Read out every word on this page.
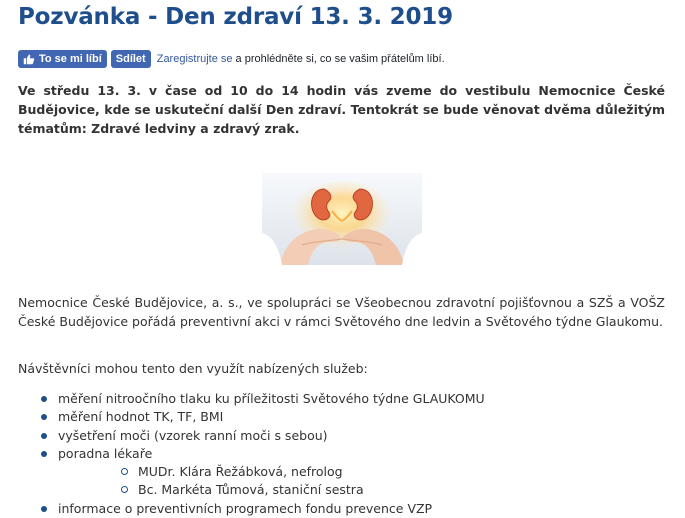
Pozvánka - Den zdraví 13. 3. 2019
To se mi líbí Sdílet Zaregistrujte se a prohlédněte si, co se vašim přátelům líbí.

Ve středu 13. 3. v čase od 10 do 14 hodin vás zveme do vestibulu Nemocnice České Budějovice, kde se uskuteční další Den zdraví. Tentokrát se bude věnovat dvěma důležitým tématům: Zdravé ledviny a zdravý zrak.

Nemocnice České Budějovice, a. s., ve spolupráci se Všeobecnou zdravotní pojišťovnou a SZŠ a VOŠZ České Budějovice pořádá preventivní akci v rámci Světového dne ledvin a Světového týdne Glaukomu.

Návštěvníci mohou tento den využít nabízených služeb:

měření nitroočního tlaku ku příležitosti Světového týdne GLAUKOMU
měření hodnot TK, TF, BMI
vyšetření moči (vzorek ranní moči s sebou)
poradna lékaře
MUDr. Klára Řežábková, nefrolog
Bc. Markéta Tůmová, staniční sestra
informace o preventivních programech fondu prevence VZP
